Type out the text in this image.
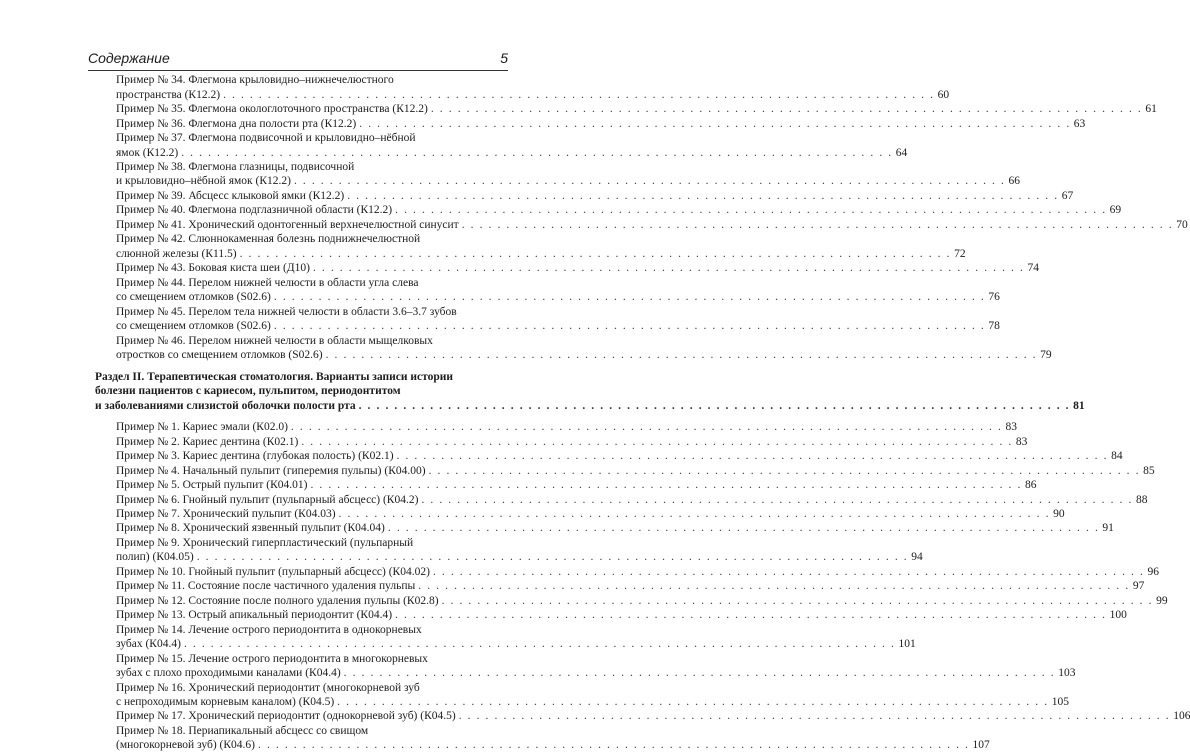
Содержание	5
Пример № 34. Флегмона крыловидно–нижнечелюстного
пространства (К12.2) . . . . . . . . . . . . . . . . . . . . . . . . . . . . . . . . . . . . . . . . . . . . . . . . . . . . . . . . . . . . . . . . . . . . . . . . . . . . . . . . 60
Пример № 35. Флегмона окологлоточного пространства (К12.2) . . . . . . . . . . . . . . . . . . . . . . . . . . . . . . . . . . . . . . . . . . . . . . . . . . . . . . . . . . . . . . . . . . . . . . . . . . . . . . . . 61
Пример № 36. Флегмона дна полости рта (К12.2) . . . . . . . . . . . . . . . . . . . . . . . . . . . . . . . . . . . . . . . . . . . . . . . . . . . . . . . . . . . . . . . . . . . . . . . . . . . . . . . . 63
Пример № 37. Флегмона подвисочной и крыловидно–нёбной
ямок (К12.2) . . . . . . . . . . . . . . . . . . . . . . . . . . . . . . . . . . . . . . . . . . . . . . . . . . . . . . . . . . . . . . . . . . . . . . . . . . . . . . . . 64
Пример № 38. Флегмона глазницы, подвисочной
и крыловидно–нёбной ямок (К12.2) . . . . . . . . . . . . . . . . . . . . . . . . . . . . . . . . . . . . . . . . . . . . . . . . . . . . . . . . . . . . . . . . . . . . . . . . . . . . . . . . 66
Пример № 39. Абсцесс клыковой ямки (К12.2) . . . . . . . . . . . . . . . . . . . . . . . . . . . . . . . . . . . . . . . . . . . . . . . . . . . . . . . . . . . . . . . . . . . . . . . . . . . . . . . . 67
Пример № 40. Флегмона подглазничной области (К12.2) . . . . . . . . . . . . . . . . . . . . . . . . . . . . . . . . . . . . . . . . . . . . . . . . . . . . . . . . . . . . . . . . . . . . . . . . . . . . . . . . 69
Пример № 41. Хронический одонтогенный верхнечелюстной синусит . . . . . . . . . . . . . . . . . . . . . . . . . . . . . . . . . . . . . . . . . . . . . . . . . . . . . . . . . . . . . . . . . . . . . . . . . . . . . . . . 70
Пример № 42. Слюннокаменная болезнь поднижнечелюстной
слюнной железы (К11.5) . . . . . . . . . . . . . . . . . . . . . . . . . . . . . . . . . . . . . . . . . . . . . . . . . . . . . . . . . . . . . . . . . . . . . . . . . . . . . . . . 72
Пример № 43. Боковая киста шеи (Д10) . . . . . . . . . . . . . . . . . . . . . . . . . . . . . . . . . . . . . . . . . . . . . . . . . . . . . . . . . . . . . . . . . . . . . . . . . . . . . . . . 74
Пример № 44. Перелом нижней челюсти в области угла слева
со смещением отломков (S02.6) . . . . . . . . . . . . . . . . . . . . . . . . . . . . . . . . . . . . . . . . . . . . . . . . . . . . . . . . . . . . . . . . . . . . . . . . . . . . . . . . 76
Пример № 45. Перелом тела нижней челюсти в области 3.6–3.7 зубов
со смещением отломков (S02.6) . . . . . . . . . . . . . . . . . . . . . . . . . . . . . . . . . . . . . . . . . . . . . . . . . . . . . . . . . . . . . . . . . . . . . . . . . . . . . . . . 78
Пример № 46. Перелом нижней челюсти в области мыщелковых
отростков со смещением отломков (S02.6) . . . . . . . . . . . . . . . . . . . . . . . . . . . . . . . . . . . . . . . . . . . . . . . . . . . . . . . . . . . . . . . . . . . . . . . . . . . . . . . . 79
Раздел II. Терапевтическая стоматология. Варианты записи истории
болезни пациентов с кариесом, пульпитом, периодонтитом
и заболеваниями слизистой оболочки полости рта . . . . . . . . . . . . . . . . . . . . . . . . . . . . . . . . . . . . . . . . . . . . . . . . . . . . . . . . . . . . . . . . . . . . . . . . . . . . . . . . 81
Пример № 1. Кариес эмали (К02.0) . . . . . . . . . . . . . . . . . . . . . . . . . . . . . . . . . . . . . . . . . . . . . . . . . . . . . . . . . . . . . . . . . . . . . . . . . . . . . . . . 83
Пример № 2. Кариес дентина (К02.1) . . . . . . . . . . . . . . . . . . . . . . . . . . . . . . . . . . . . . . . . . . . . . . . . . . . . . . . . . . . . . . . . . . . . . . . . . . . . . . . . 83
Пример № 3. Кариес дентина (глубокая полость) (К02.1) . . . . . . . . . . . . . . . . . . . . . . . . . . . . . . . . . . . . . . . . . . . . . . . . . . . . . . . . . . . . . . . . . . . . . . . . . . . . . . . . 84
Пример № 4. Начальный пульпит (гиперемия пульпы) (К04.00) . . . . . . . . . . . . . . . . . . . . . . . . . . . . . . . . . . . . . . . . . . . . . . . . . . . . . . . . . . . . . . . . . . . . . . . . . . . . . . . . 85
Пример № 5. Острый пульпит (К04.01) . . . . . . . . . . . . . . . . . . . . . . . . . . . . . . . . . . . . . . . . . . . . . . . . . . . . . . . . . . . . . . . . . . . . . . . . . . . . . . . . 86
Пример № 6. Гнойный пульпит (пульпарный абсцесс) (К04.2) . . . . . . . . . . . . . . . . . . . . . . . . . . . . . . . . . . . . . . . . . . . . . . . . . . . . . . . . . . . . . . . . . . . . . . . . . . . . . . . . 88
Пример № 7. Хронический пульпит (К04.03) . . . . . . . . . . . . . . . . . . . . . . . . . . . . . . . . . . . . . . . . . . . . . . . . . . . . . . . . . . . . . . . . . . . . . . . . . . . . . . . . 90
Пример № 8. Хронический язвенный пульпит (К04.04) . . . . . . . . . . . . . . . . . . . . . . . . . . . . . . . . . . . . . . . . . . . . . . . . . . . . . . . . . . . . . . . . . . . . . . . . . . . . . . . . 91
Пример № 9. Хронический гиперпластический (пульпарный
полип) (К04.05) . . . . . . . . . . . . . . . . . . . . . . . . . . . . . . . . . . . . . . . . . . . . . . . . . . . . . . . . . . . . . . . . . . . . . . . . . . . . . . . . 94
Пример № 10. Гнойный пульпит (пульпарный абсцесс) (К04.02) . . . . . . . . . . . . . . . . . . . . . . . . . . . . . . . . . . . . . . . . . . . . . . . . . . . . . . . . . . . . . . . . . . . . . . . . . . . . . . . . 96
Пример № 11. Состояние после частичного удаления пульпы . . . . . . . . . . . . . . . . . . . . . . . . . . . . . . . . . . . . . . . . . . . . . . . . . . . . . . . . . . . . . . . . . . . . . . . . . . . . . . . . 97
Пример № 12. Состояние после полного удаления пульпы (К02.8) . . . . . . . . . . . . . . . . . . . . . . . . . . . . . . . . . . . . . . . . . . . . . . . . . . . . . . . . . . . . . . . . . . . . . . . . . . . . . . . . 99
Пример № 13. Острый апикальный периодонтит (К04.4) . . . . . . . . . . . . . . . . . . . . . . . . . . . . . . . . . . . . . . . . . . . . . . . . . . . . . . . . . . . . . . . . . . . . . . . . . . . . . . . . 100
Пример № 14. Лечение острого периодонтита в однокорневых
зубах (К04.4) . . . . . . . . . . . . . . . . . . . . . . . . . . . . . . . . . . . . . . . . . . . . . . . . . . . . . . . . . . . . . . . . . . . . . . . . . . . . . . . . 101
Пример № 15. Лечение острого периодонтита в многокорневых
зубах с плохо проходимыми каналами (К04.4) . . . . . . . . . . . . . . . . . . . . . . . . . . . . . . . . . . . . . . . . . . . . . . . . . . . . . . . . . . . . . . . . . . . . . . . . . . . . . . . . 103
Пример № 16. Хронический периодонтит (многокорневой зуб
с непроходимым корневым каналом) (К04.5) . . . . . . . . . . . . . . . . . . . . . . . . . . . . . . . . . . . . . . . . . . . . . . . . . . . . . . . . . . . . . . . . . . . . . . . . . . . . . . . . 105
Пример № 17. Хронический периодонтит (однокорневой зуб) (К04.5) . . . . . . . . . . . . . . . . . . . . . . . . . . . . . . . . . . . . . . . . . . . . . . . . . . . . . . . . . . . . . . . . . . . . . . . . . . . . . . . . 106
Пример № 18. Периапикальный абсцесс со свищом
(многокорневой зуб) (К04.6) . . . . . . . . . . . . . . . . . . . . . . . . . . . . . . . . . . . . . . . . . . . . . . . . . . . . . . . . . . . . . . . . . . . . . . . . . . . . . . . . 107
